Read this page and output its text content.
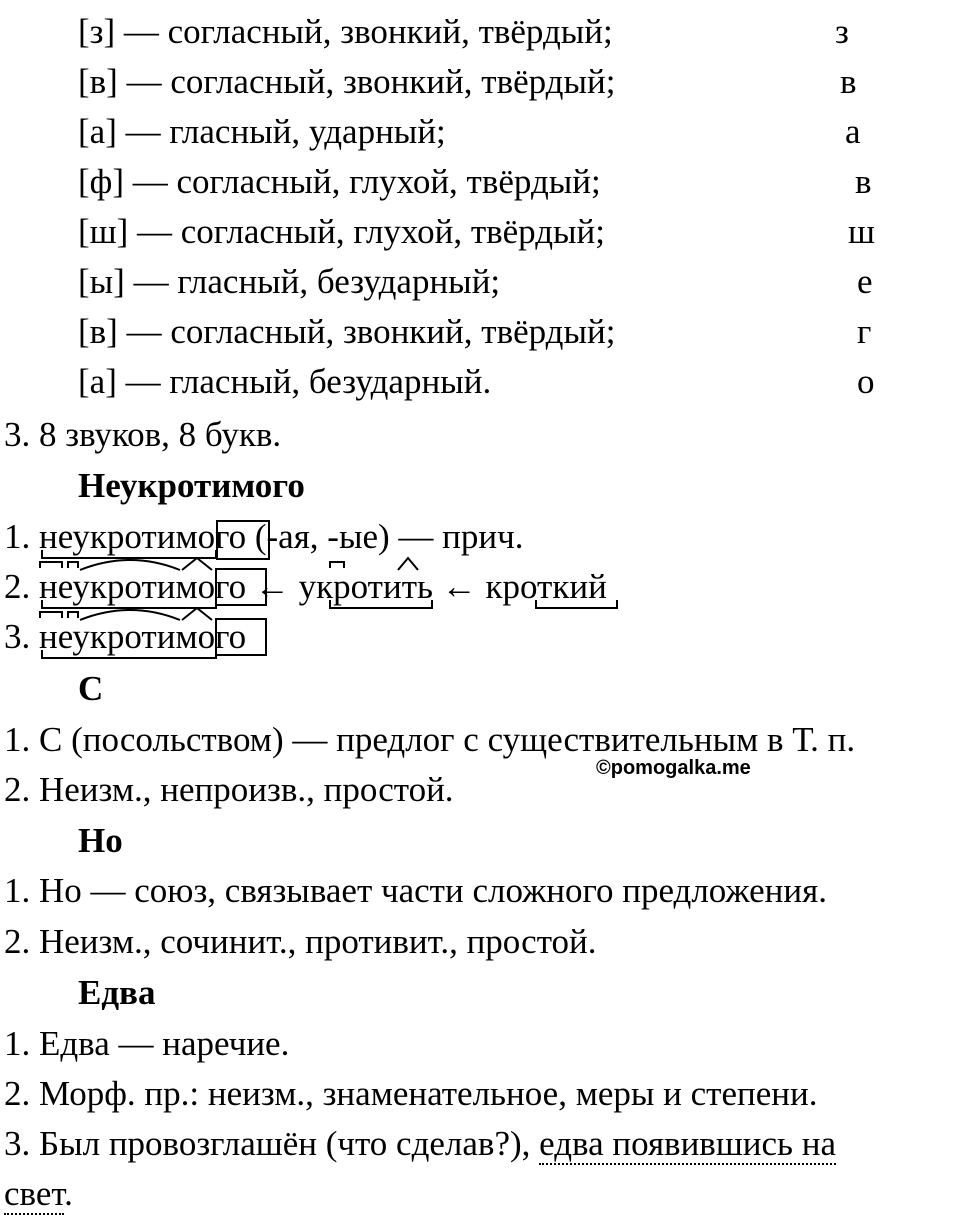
[з] — согласный, звонкий, твёрдый;	з
[в] — согласный, звонкий, твёрдый;	в
[а] — гласный, ударный;	а
[ф] — согласный, глухой, твёрдый;	в
[ш] — согласный, глухой, твёрдый;	ш
[ы] — гласный, безударный;	е
[в] — согласный, звонкий, твёрдый;	г
[а] — гласный, безударный.	о
3. 8 звуков, 8 букв.
Неукротимого
1. неукротимого (-ая, -ые) — прич.
2. неукротимого ← укротить ← кроткий
3. неукротимого
С
1. С (посольством) — предлог с существительным в Т. п.
©pomogalka.me
2. Неизм., непроизв., простой.
Но
1. Но — союз, связывает части сложного предложения.
2. Неизм., сочинит., противит., простой.
Едва
1. Едва — наречие.
2. Морф. пр.: неизм., знаменательное, меры и степени.
3. Был провозглашён (что сделав?), едва появившись на
свет.
